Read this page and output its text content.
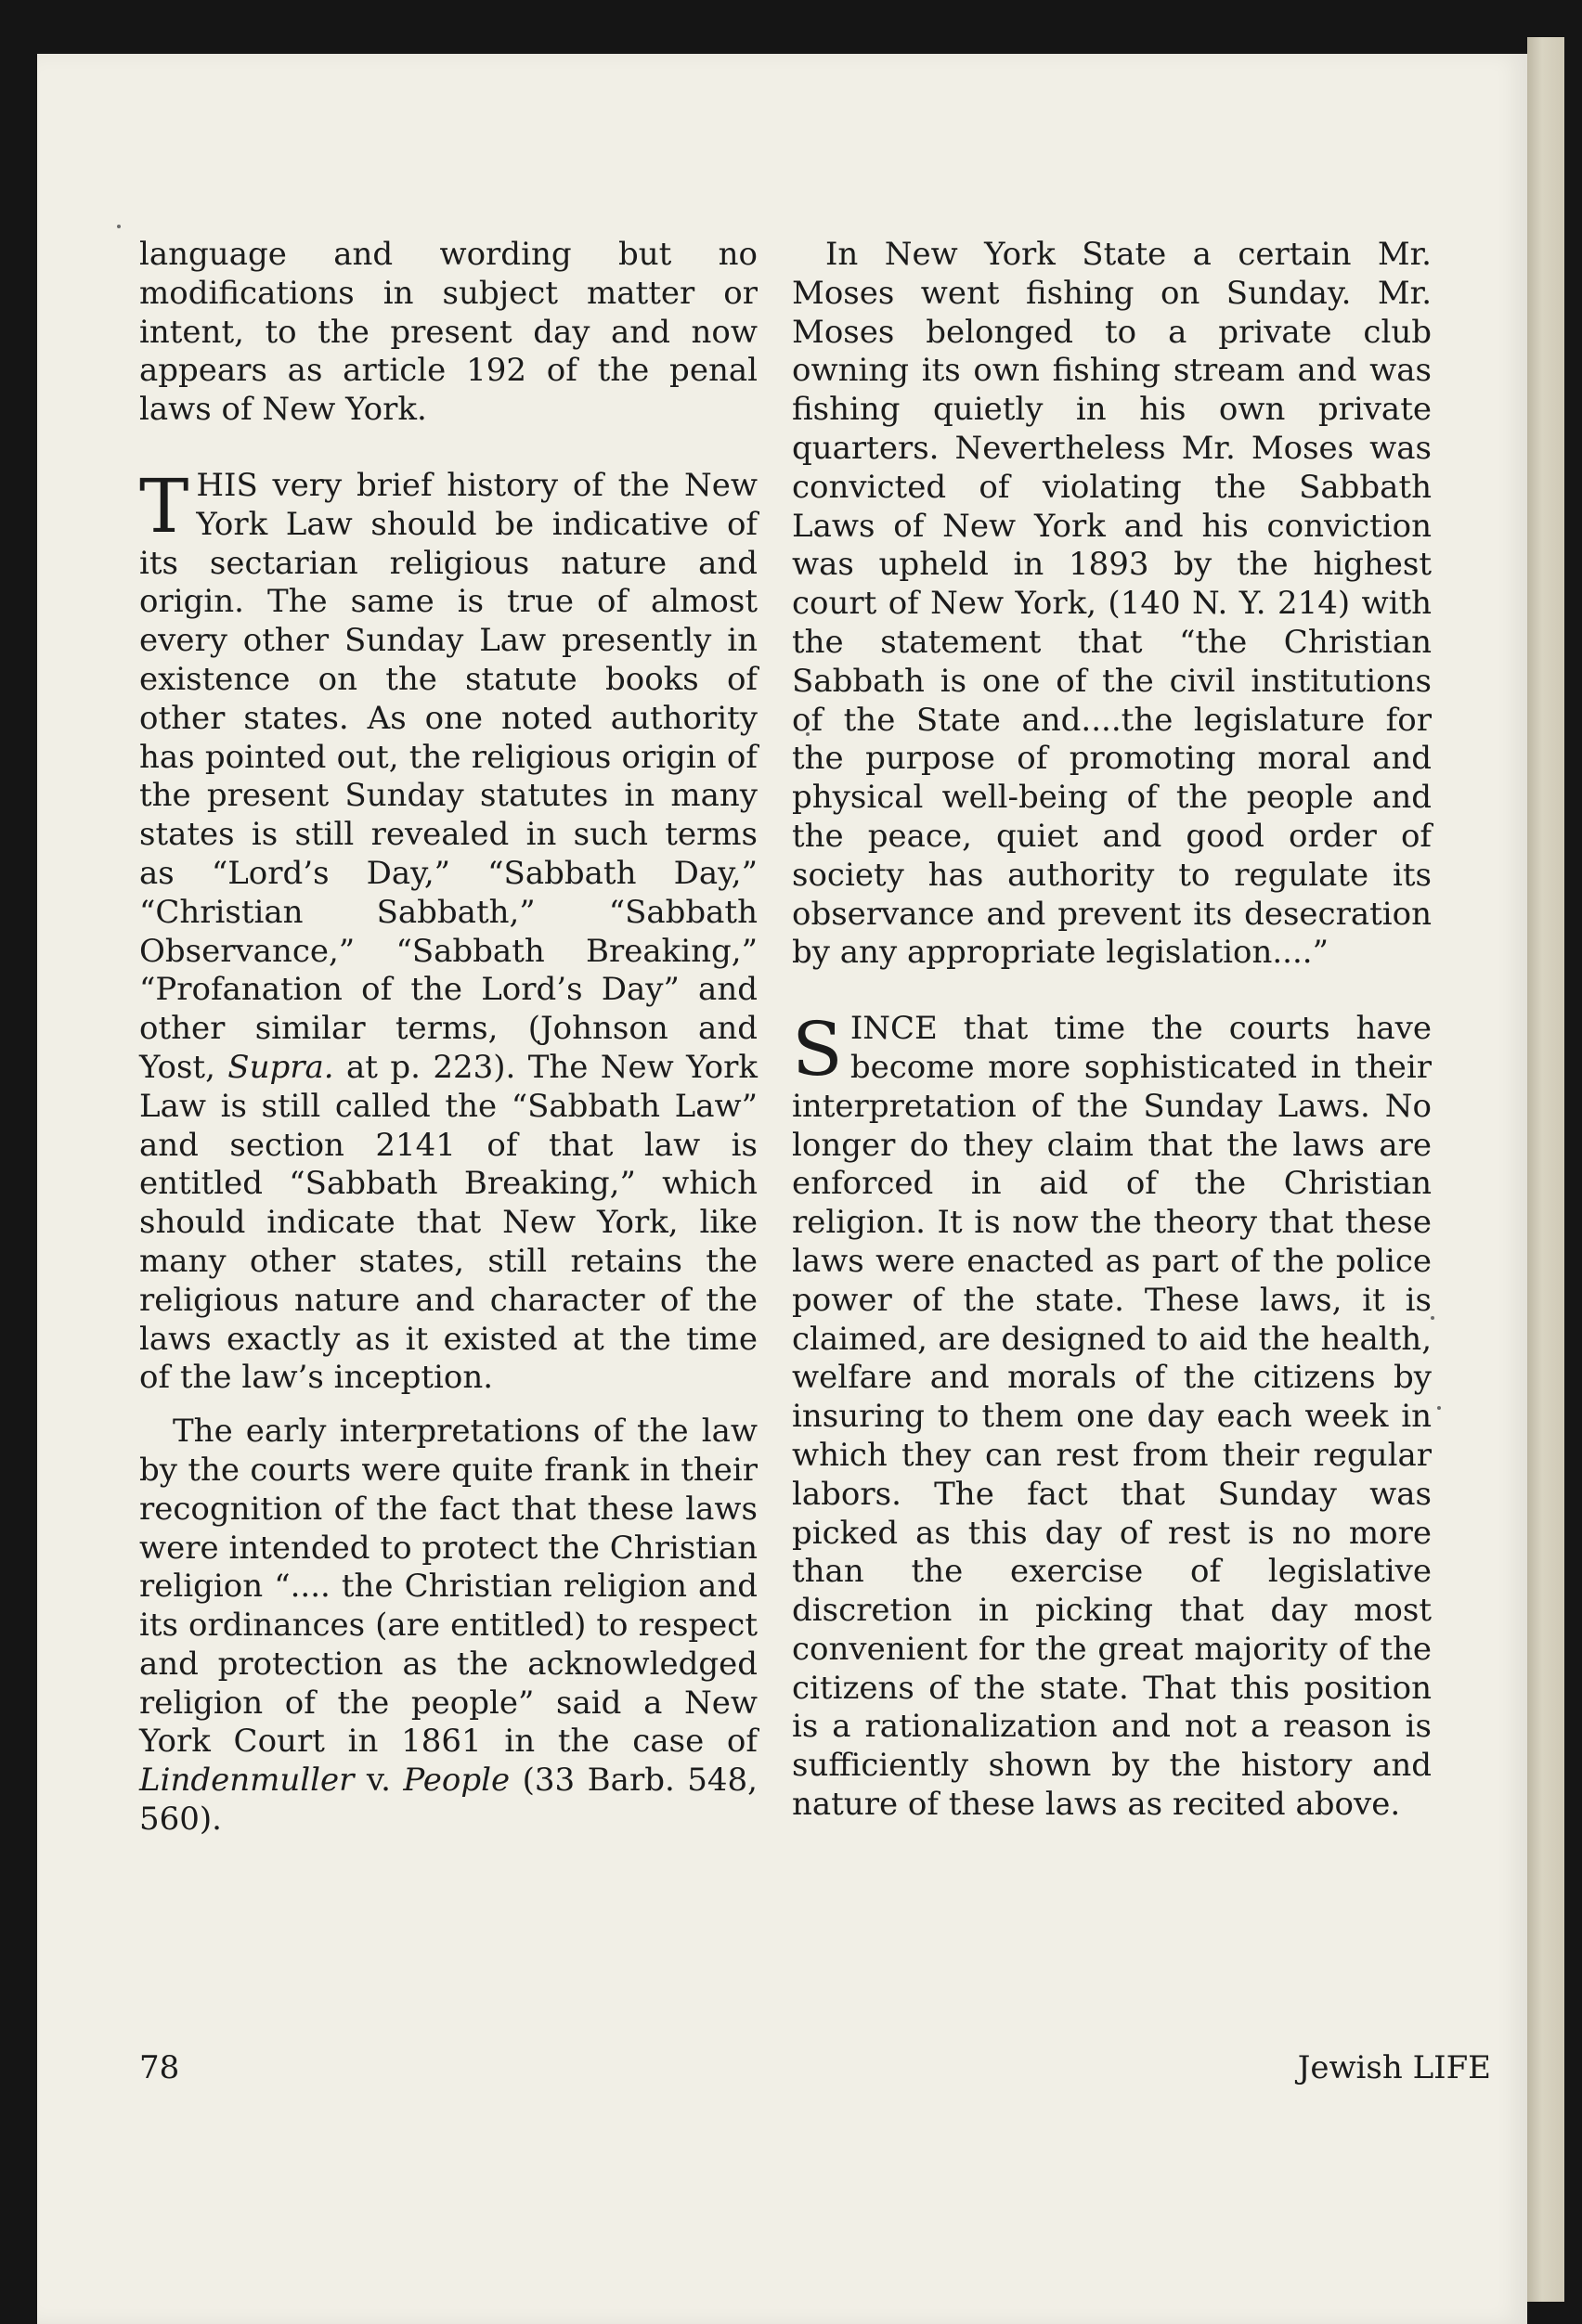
language and wording but no modifications in subject matter or intent, to the present day and now appears as article 192 of the penal laws of New York.

THIS very brief history of the New York Law should be indicative of its sectarian religious nature and origin. The same is true of almost every other Sunday Law presently in existence on the statute books of other states. As one noted authority has pointed out, the religious origin of the present Sunday statutes in many states is still revealed in such terms as “Lord’s Day,” “Sabbath Day,” “Christian Sabbath,” “Sabbath Observance,” “Sabbath Breaking,” “Profanation of the Lord’s Day” and other similar terms, (Johnson and Yost, Supra. at p. 223). The New York Law is still called the “Sabbath Law” and section 2141 of that law is entitled “Sabbath Breaking,” which should indicate that New York, like many other states, still retains the religious nature and character of the laws exactly as it existed at the time of the law’s inception.

The early interpretations of the law by the courts were quite frank in their recognition of the fact that these laws were intended to protect the Christian religion “.... the Christian religion and its ordinances (are entitled) to respect and protection as the acknowledged religion of the people” said a New York Court in 1861 in the case of Lindenmuller v. People (33 Barb. 548, 560).

In New York State a certain Mr. Moses went fishing on Sunday. Mr. Moses belonged to a private club owning its own fishing stream and was fishing quietly in his own private quarters. Nevertheless Mr. Moses was convicted of violating the Sabbath Laws of New York and his conviction was upheld in 1893 by the highest court of New York, (140 N. Y. 214) with the statement that “the Christian Sabbath is one of the civil institutions of the State and....the legislature for the purpose of promoting moral and physical well-being of the people and the peace, quiet and good order of society has authority to regulate its observance and prevent its desecration by any appropriate legislation....”

SINCE that time the courts have become more sophisticated in their interpretation of the Sunday Laws. No longer do they claim that the laws are enforced in aid of the Christian religion. It is now the theory that these laws were enacted as part of the police power of the state. These laws, it is claimed, are designed to aid the health, welfare and morals of the citizens by insuring to them one day each week in which they can rest from their regular labors. The fact that Sunday was picked as this day of rest is no more than the exercise of legislative discretion in picking that day most convenient for the great majority of the citizens of the state. That this position is a rationalization and not a reason is sufficiently shown by the history and nature of these laws as recited above.

78	Jewish LIFE
